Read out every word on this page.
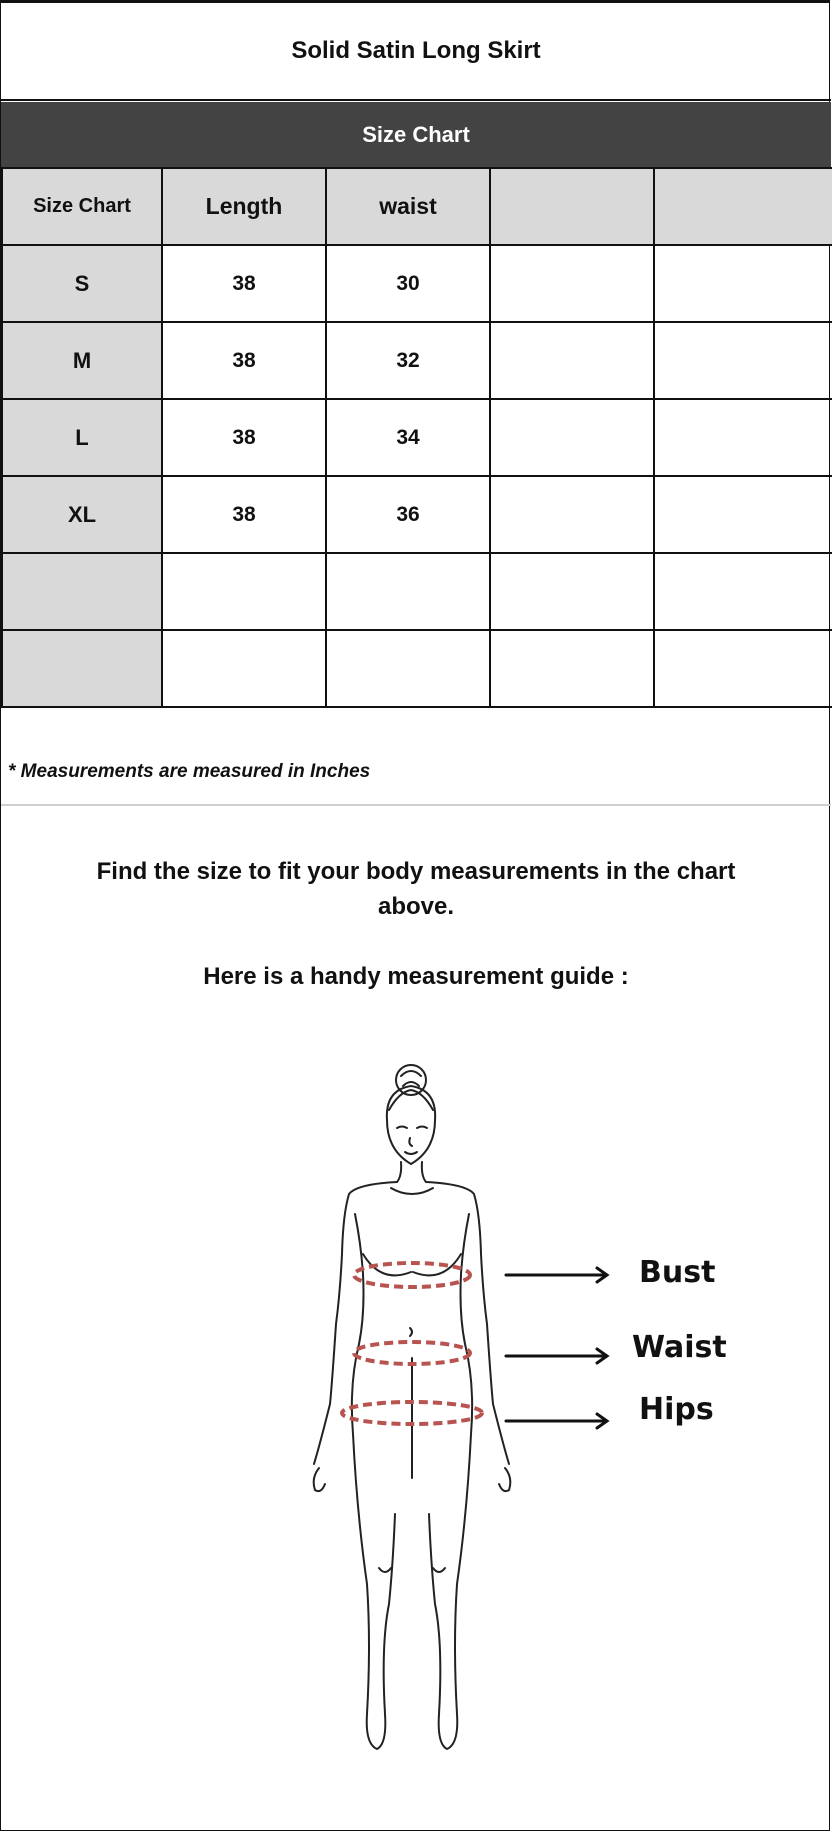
Solid Satin Long Skirt
Size Chart
Size Chart	Length	waist		
S	38	30		
M	38	32		
L	38	34		
XL	38	36		

* Measurements are measured in Inches
Find the size to fit your body measurements in the chart
above.
Here is a handy measurement guide :
Bust
Waist
Hips
